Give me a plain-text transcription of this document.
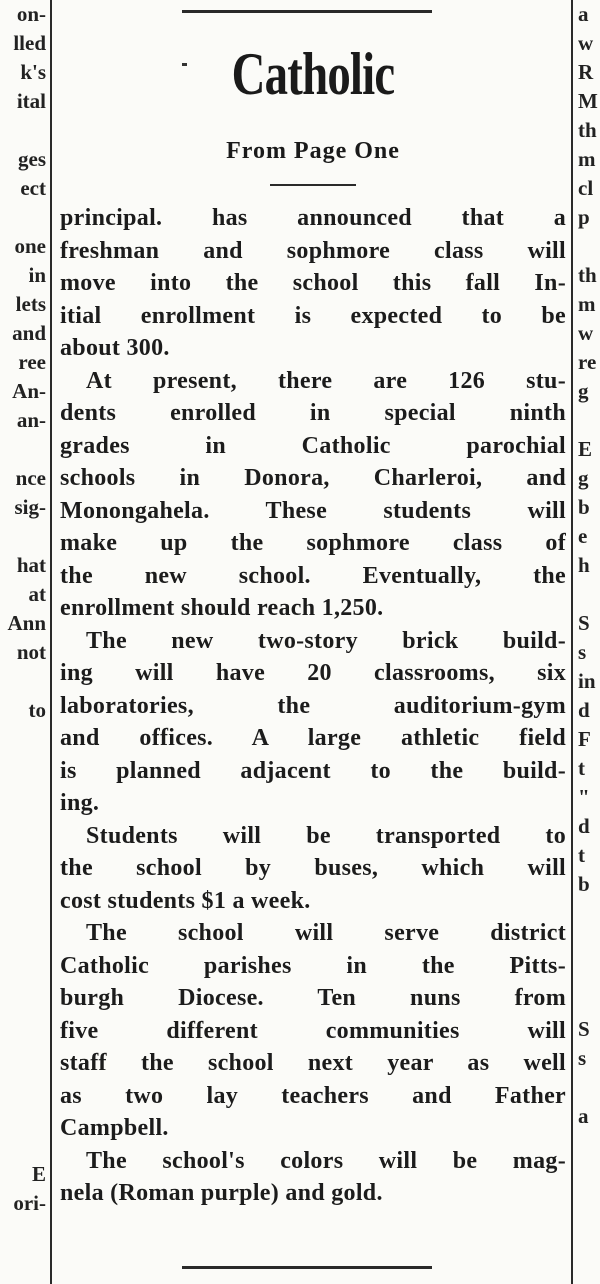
on-
lled
k's
ital

ges
ect

one
in
lets
and
ree
An-
an-

nce
sig-

hat
at
Ann
not

to

E
ori-
a
w
R
M
th
m
cl
p

th
m
w
re
g

E
g
b
e
h

S
s
in
d
F
t
"
d
t
b

S
s

a
Catholic
From Page One
principal. has announced that a
freshman and sophmore class will
move into the school this fall In-
itial enrollment is expected to be
about 300.
At present, there are 126 stu-
dents enrolled in special ninth
grades in Catholic parochial
schools in Donora, Charleroi, and
Monongahela. These students will
make up the sophmore class of
the new school. Eventually, the
enrollment should reach 1,250.
The new two-story brick build-
ing will have 20 classrooms, six
laboratories, the auditorium-gym
and offices. A large athletic field
is planned adjacent to the build-
ing.
Students will be transported to
the school by buses, which will
cost students $1 a week.
The school will serve district
Catholic parishes in the Pitts-
burgh Diocese. Ten nuns from
five different communities will
staff the school next year as well
as two lay teachers and Father
Campbell.
The school's colors will be mag-
nela (Roman purple) and gold.
